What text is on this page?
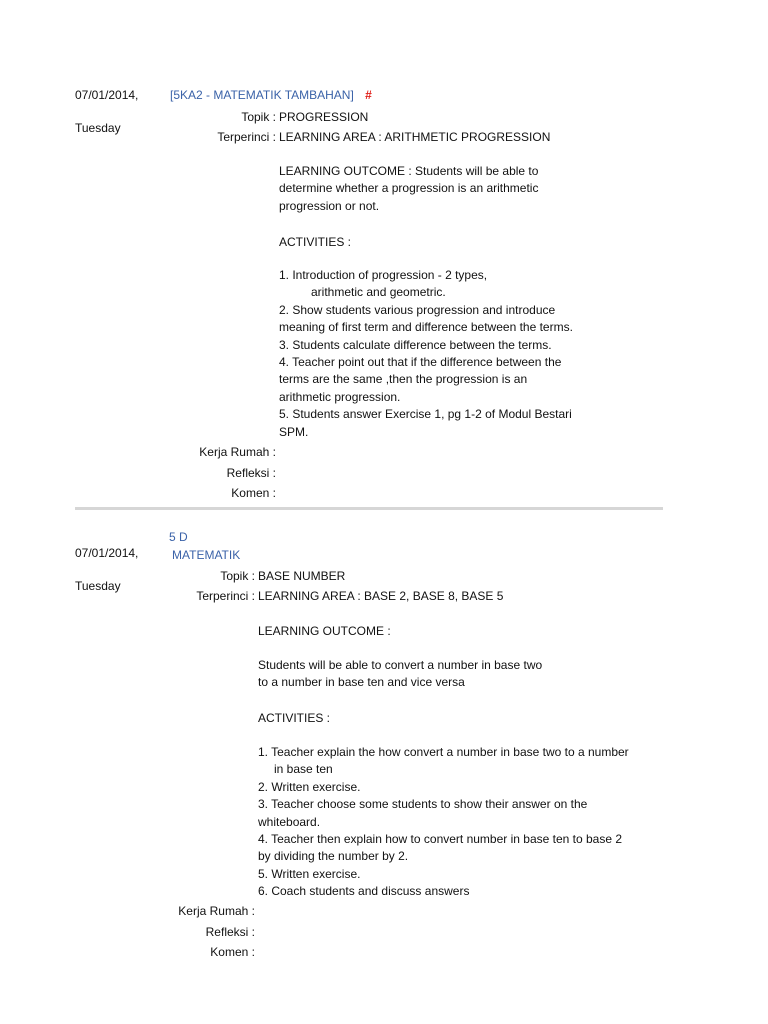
07/01/2014,
Tuesday
[5KA2 - MATEMATIK TAMBAHAN] #
Topik : PROGRESSION
Terperinci : LEARNING AREA : ARITHMETIC PROGRESSION
LEARNING OUTCOME : Students will be able to
determine whether a progression is an arithmetic
progression or not.
ACTIVITIES :
1. Introduction of progression - 2 types,
arithmetic and geometric.
2. Show students various progression and introduce
meaning of first term and difference between the terms.
3. Students calculate difference between the terms.
4. Teacher point out that if the difference between the
terms are the same ,then the progression is an
arithmetic progression.
5. Students answer Exercise 1, pg 1-2 of Modul Bestari
SPM.
Kerja Rumah :
Refleksi :
Komen :
5 D
MATEMATIK
07/01/2014,
Tuesday
Topik : BASE NUMBER
Terperinci : LEARNING AREA : BASE 2, BASE 8, BASE 5
LEARNING OUTCOME :
Students will be able to convert a number in base two
to a number in base ten and vice versa
ACTIVITIES :
1. Teacher explain the how convert a number in base two to a number
in base ten
2. Written exercise.
3. Teacher choose some students to show their answer on the
whiteboard.
4. Teacher then explain how to convert number in base ten to base 2
by dividing the number by 2.
5. Written exercise.
6. Coach students and discuss answers
Kerja Rumah :
Refleksi :
Komen :
